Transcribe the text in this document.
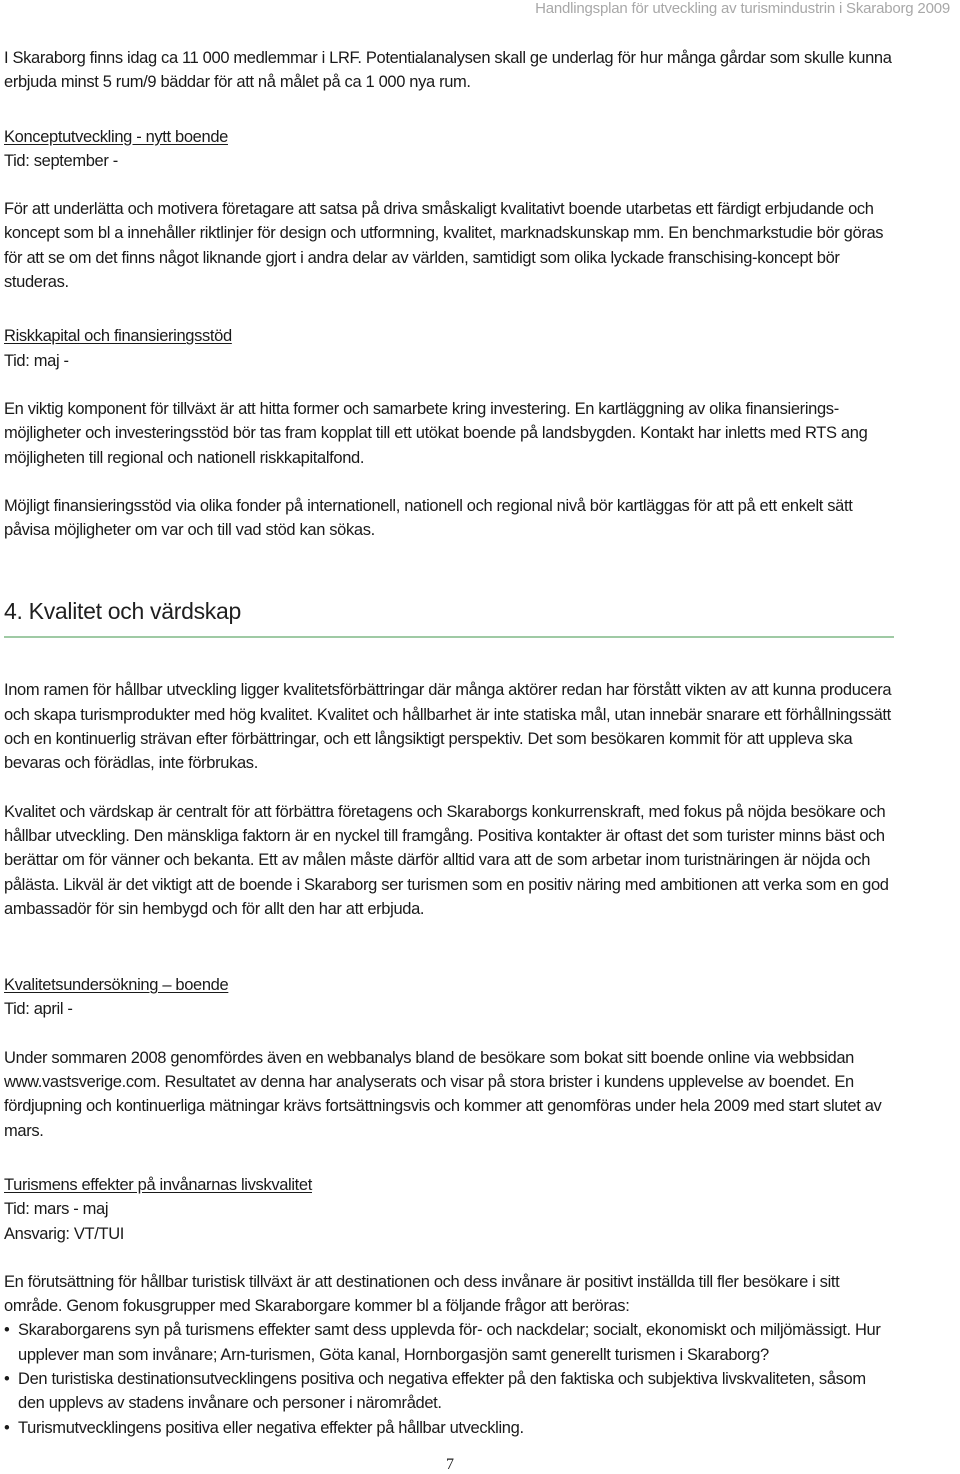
Handlingsplan för utveckling av turismindustrin i Skaraborg 2009

I Skaraborg finns idag ca 11 000 medlemmar i LRF. Potentialanalysen skall ge underlag för hur många gårdar som skulle kunna erbjuda minst 5 rum/9 bäddar för att nå målet på ca 1 000 nya rum.

Konceptutveckling - nytt boende

Tid: september -

För att underlätta och motivera företagare att satsa på driva småskaligt kvalitativt boende utarbetas ett färdigt erbjudande och koncept som bl a innehåller riktlinjer för design och utformning, kvalitet, marknadskunskap mm. En benchmarkstudie bör göras för att se om det finns något liknande gjort i andra delar av världen, samtidigt som olika lyckade franschising-koncept bör studeras.

Riskkapital och finansieringsstöd

Tid: maj -

En viktig komponent för tillväxt är att hitta former och samarbete kring investering. En kartläggning av olika finansierings-möjligheter och investeringsstöd bör tas fram kopplat till ett utökat boende på landsbygden. Kontakt har inletts med RTS ang möjligheten till regional och nationell riskkapitalfond.

Möjligt finansieringsstöd via olika fonder på internationell, nationell och regional nivå bör kartläggas för att på ett enkelt sätt påvisa möjligheter om var och till vad stöd kan sökas.

4. Kvalitet och värdskap

Inom ramen för hållbar utveckling ligger kvalitetsförbättringar där många aktörer redan har förstått vikten av att kunna producera och skapa turismprodukter med hög kvalitet. Kvalitet och hållbarhet är inte statiska mål, utan innebär snarare ett förhållningssätt och en kontinuerlig strävan efter förbättringar, och ett långsiktigt perspektiv. Det som besökaren kommit för att uppleva ska bevaras och förädlas, inte förbrukas.

Kvalitet och värdskap är centralt för att förbättra företagens och Skaraborgs konkurrenskraft, med fokus på nöjda besökare och hållbar utveckling. Den mänskliga faktorn är en nyckel till framgång. Positiva kontakter är oftast det som turister minns bäst och berättar om för vänner och bekanta. Ett av målen måste därför alltid vara att de som arbetar inom turistnäringen är nöjda och pålästa. Likväl är det viktigt att de boende i Skaraborg ser turismen som en positiv näring med ambitionen att verka som en god ambassadör för sin hembygd och för allt den har att erbjuda.

Kvalitetsundersökning – boende

Tid: april -

Under sommaren 2008 genomfördes även en webbanalys bland de besökare som bokat sitt boende online via webbsidan www.vastsverige.com. Resultatet av denna har analyserats och visar på stora brister i kundens upplevelse av boendet. En fördjupning och kontinuerliga mätningar krävs fortsättningsvis och kommer att genomföras under hela 2009 med start slutet av mars.

Turismens effekter på invånarnas livskvalitet

Tid: mars - maj

Ansvarig: VT/TUI

En förutsättning för hållbar turistisk tillväxt är att destinationen och dess invånare är positivt inställda till fler besökare i sitt område. Genom fokusgrupper med Skaraborgare kommer bl a följande frågor att beröras:

• Skaraborgarens syn på turismens effekter samt dess upplevda för- och nackdelar; socialt, ekonomiskt och miljömässigt. Hur upplever man som invånare; Arn-turismen, Göta kanal, Hornborgasjön samt generellt turismen i Skaraborg?
• Den turistiska destinationsutvecklingens positiva och negativa effekter på den faktiska och subjektiva livskvaliteten, såsom den upplevs av stadens invånare och personer i närområdet.
• Turismutvecklingens positiva eller negativa effekter på hållbar utveckling.
7
